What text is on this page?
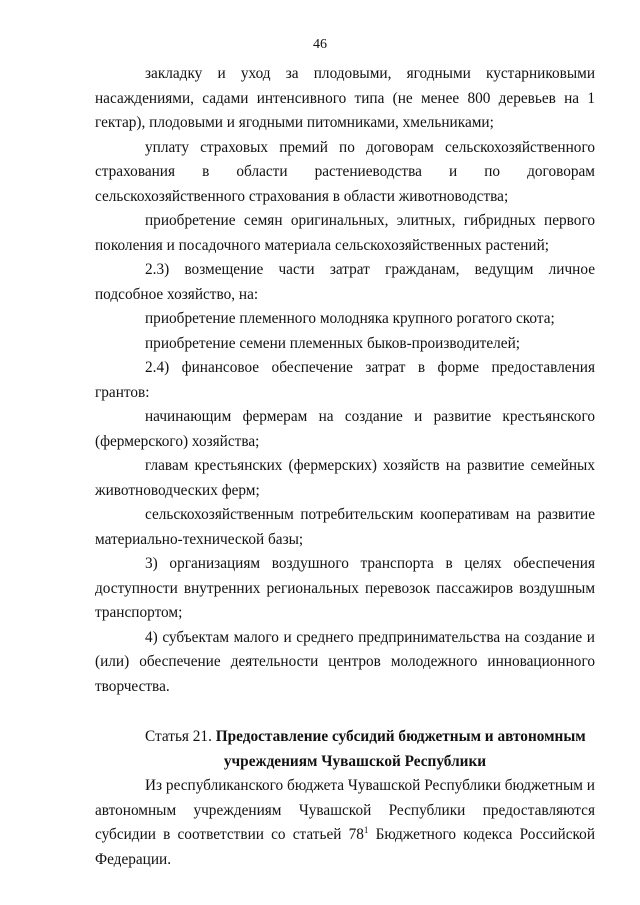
46

закладку и уход за плодовыми, ягодными кустарниковыми насаждениями, садами интенсивного типа (не менее 800 деревьев на 1 гектар), плодовыми и ягодными питомниками, хмельниками;

уплату страховых премий по договорам сельскохозяйственного страхования в области растениеводства и по договорам сельскохозяйственного страхования в области животноводства;

приобретение семян оригинальных, элитных, гибридных первого поколения и посадочного материала сельскохозяйственных растений;

2.3) возмещение части затрат гражданам, ведущим личное подсобное хозяйство, на:

приобретение племенного молодняка крупного рогатого скота;

приобретение семени племенных быков-производителей;

2.4) финансовое обеспечение затрат в форме предоставления грантов:

начинающим фермерам на создание и развитие крестьянского (фермерского) хозяйства;

главам крестьянских (фермерских) хозяйств на развитие семейных животноводческих ферм;

сельскохозяйственным потребительским кооперативам на развитие материально-технической базы;

3) организациям воздушного транспорта в целях обеспечения доступности внутренних региональных перевозок пассажиров воздушным транспортом;

4) субъектам малого и среднего предпринимательства на создание и (или) обеспечение деятельности центров молодежного инновационного творчества.

Статья 21. Предоставление субсидий бюджетным и автономным

учреждениям Чувашской Республики

Из республиканского бюджета Чувашской Республики бюджетным и автономным учреждениям Чувашской Республики предоставляются субсидии в соответствии со статьей $78^1$ Бюджетного кодекса Российской Федерации.
